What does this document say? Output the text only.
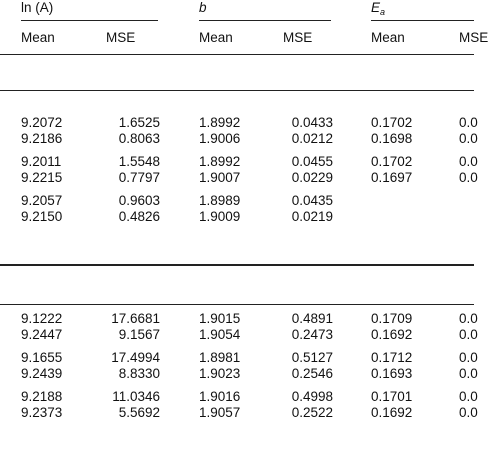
ln (A)	b	$E_a$
Mean	MSE	Mean	MSE	Mean	MSE
9.2072	1.6525	1.8992	0.0433	0.1702	0.0
9.2186	0.8063	1.9006	0.0212	0.1698	0.0
9.2011	1.5548	1.8992	0.0455	0.1702	0.0
9.2215	0.7797	1.9007	0.0229	0.1697	0.0
9.2057	0.9603	1.8989	0.0435
9.2150	0.4826	1.9009	0.0219
9.1222	17.6681	1.9015	0.4891	0.1709	0.0
9.2447	9.1567	1.9054	0.2473	0.1692	0.0
9.1655	17.4994	1.8981	0.5127	0.1712	0.0
9.2439	8.8330	1.9023	0.2546	0.1693	0.0
9.2188	11.0346	1.9016	0.4998	0.1701	0.0
9.2373	5.5692	1.9057	0.2522	0.1692	0.0
